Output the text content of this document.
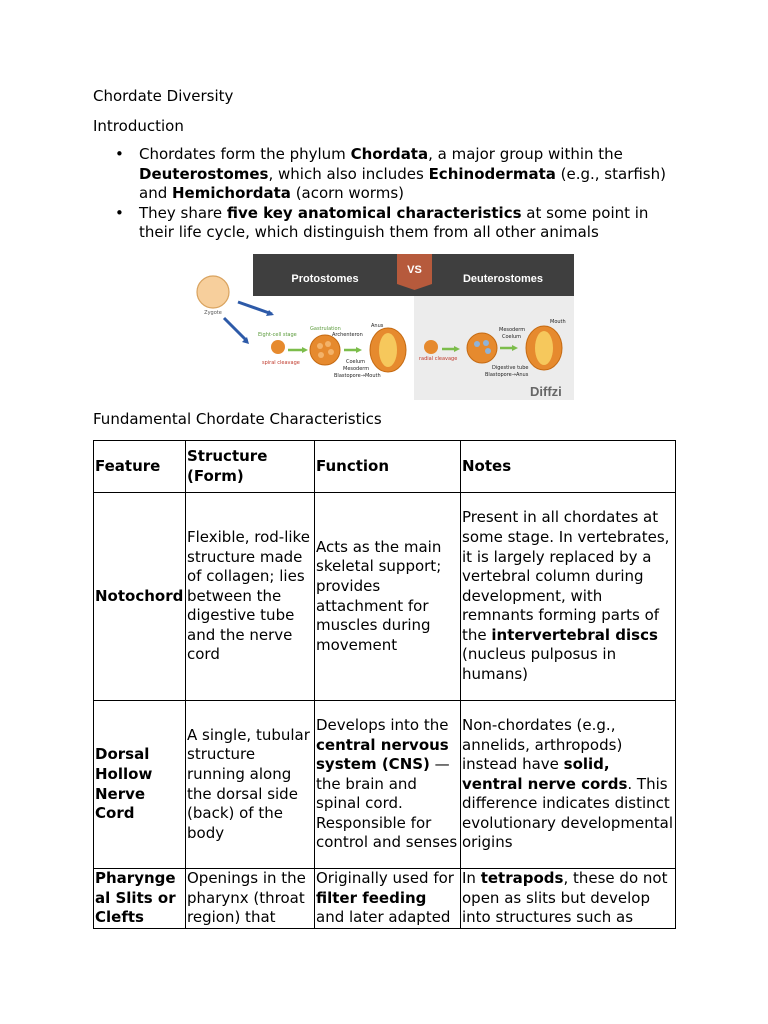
Chordate Diversity
Introduction
• Chordates form the phylum Chordata, a major group within the Deuterostomes, which also includes Echinodermata (e.g., starfish) and Hemichordata (acorn worms)
• They share five key anatomical characteristics at some point in their life cycle, which distinguish them from all other animals
Protostomes
VS
Deuterostomes
Zygote
Eight-cell stage
spiral cleavage
Gastrulation
Archenteron
Anus
Coelum
Mesoderm
Blastopore→Mouth
radial cleavage
Mesoderm
Coelum
Mouth
Digestive tube
Blastopore→Anus
Diffzi
Fundamental Chordate Characteristics
Feature	Structure (Form)	Function	Notes
Notochord	Flexible, rod-like structure made of collagen; lies between the digestive tube and the nerve cord	Acts as the main skeletal support; provides attachment for muscles during movement	Present in all chordates at some stage. In vertebrates, it is largely replaced by a vertebral column during development, with remnants forming parts of the intervertebral discs (nucleus pulposus in humans)
Dorsal Hollow Nerve Cord	A single, tubular structure running along the dorsal side (back) of the body	Develops into the central nervous system (CNS) — the brain and spinal cord. Responsible for control and senses	Non-chordates (e.g., annelids, arthropods) instead have solid, ventral nerve cords. This difference indicates distinct evolutionary developmental origins
Pharyngeal Slits or Clefts	Openings in the pharynx (throat region) that	Originally used for filter feeding and later adapted	In tetrapods, these do not open as slits but develop into structures such as
